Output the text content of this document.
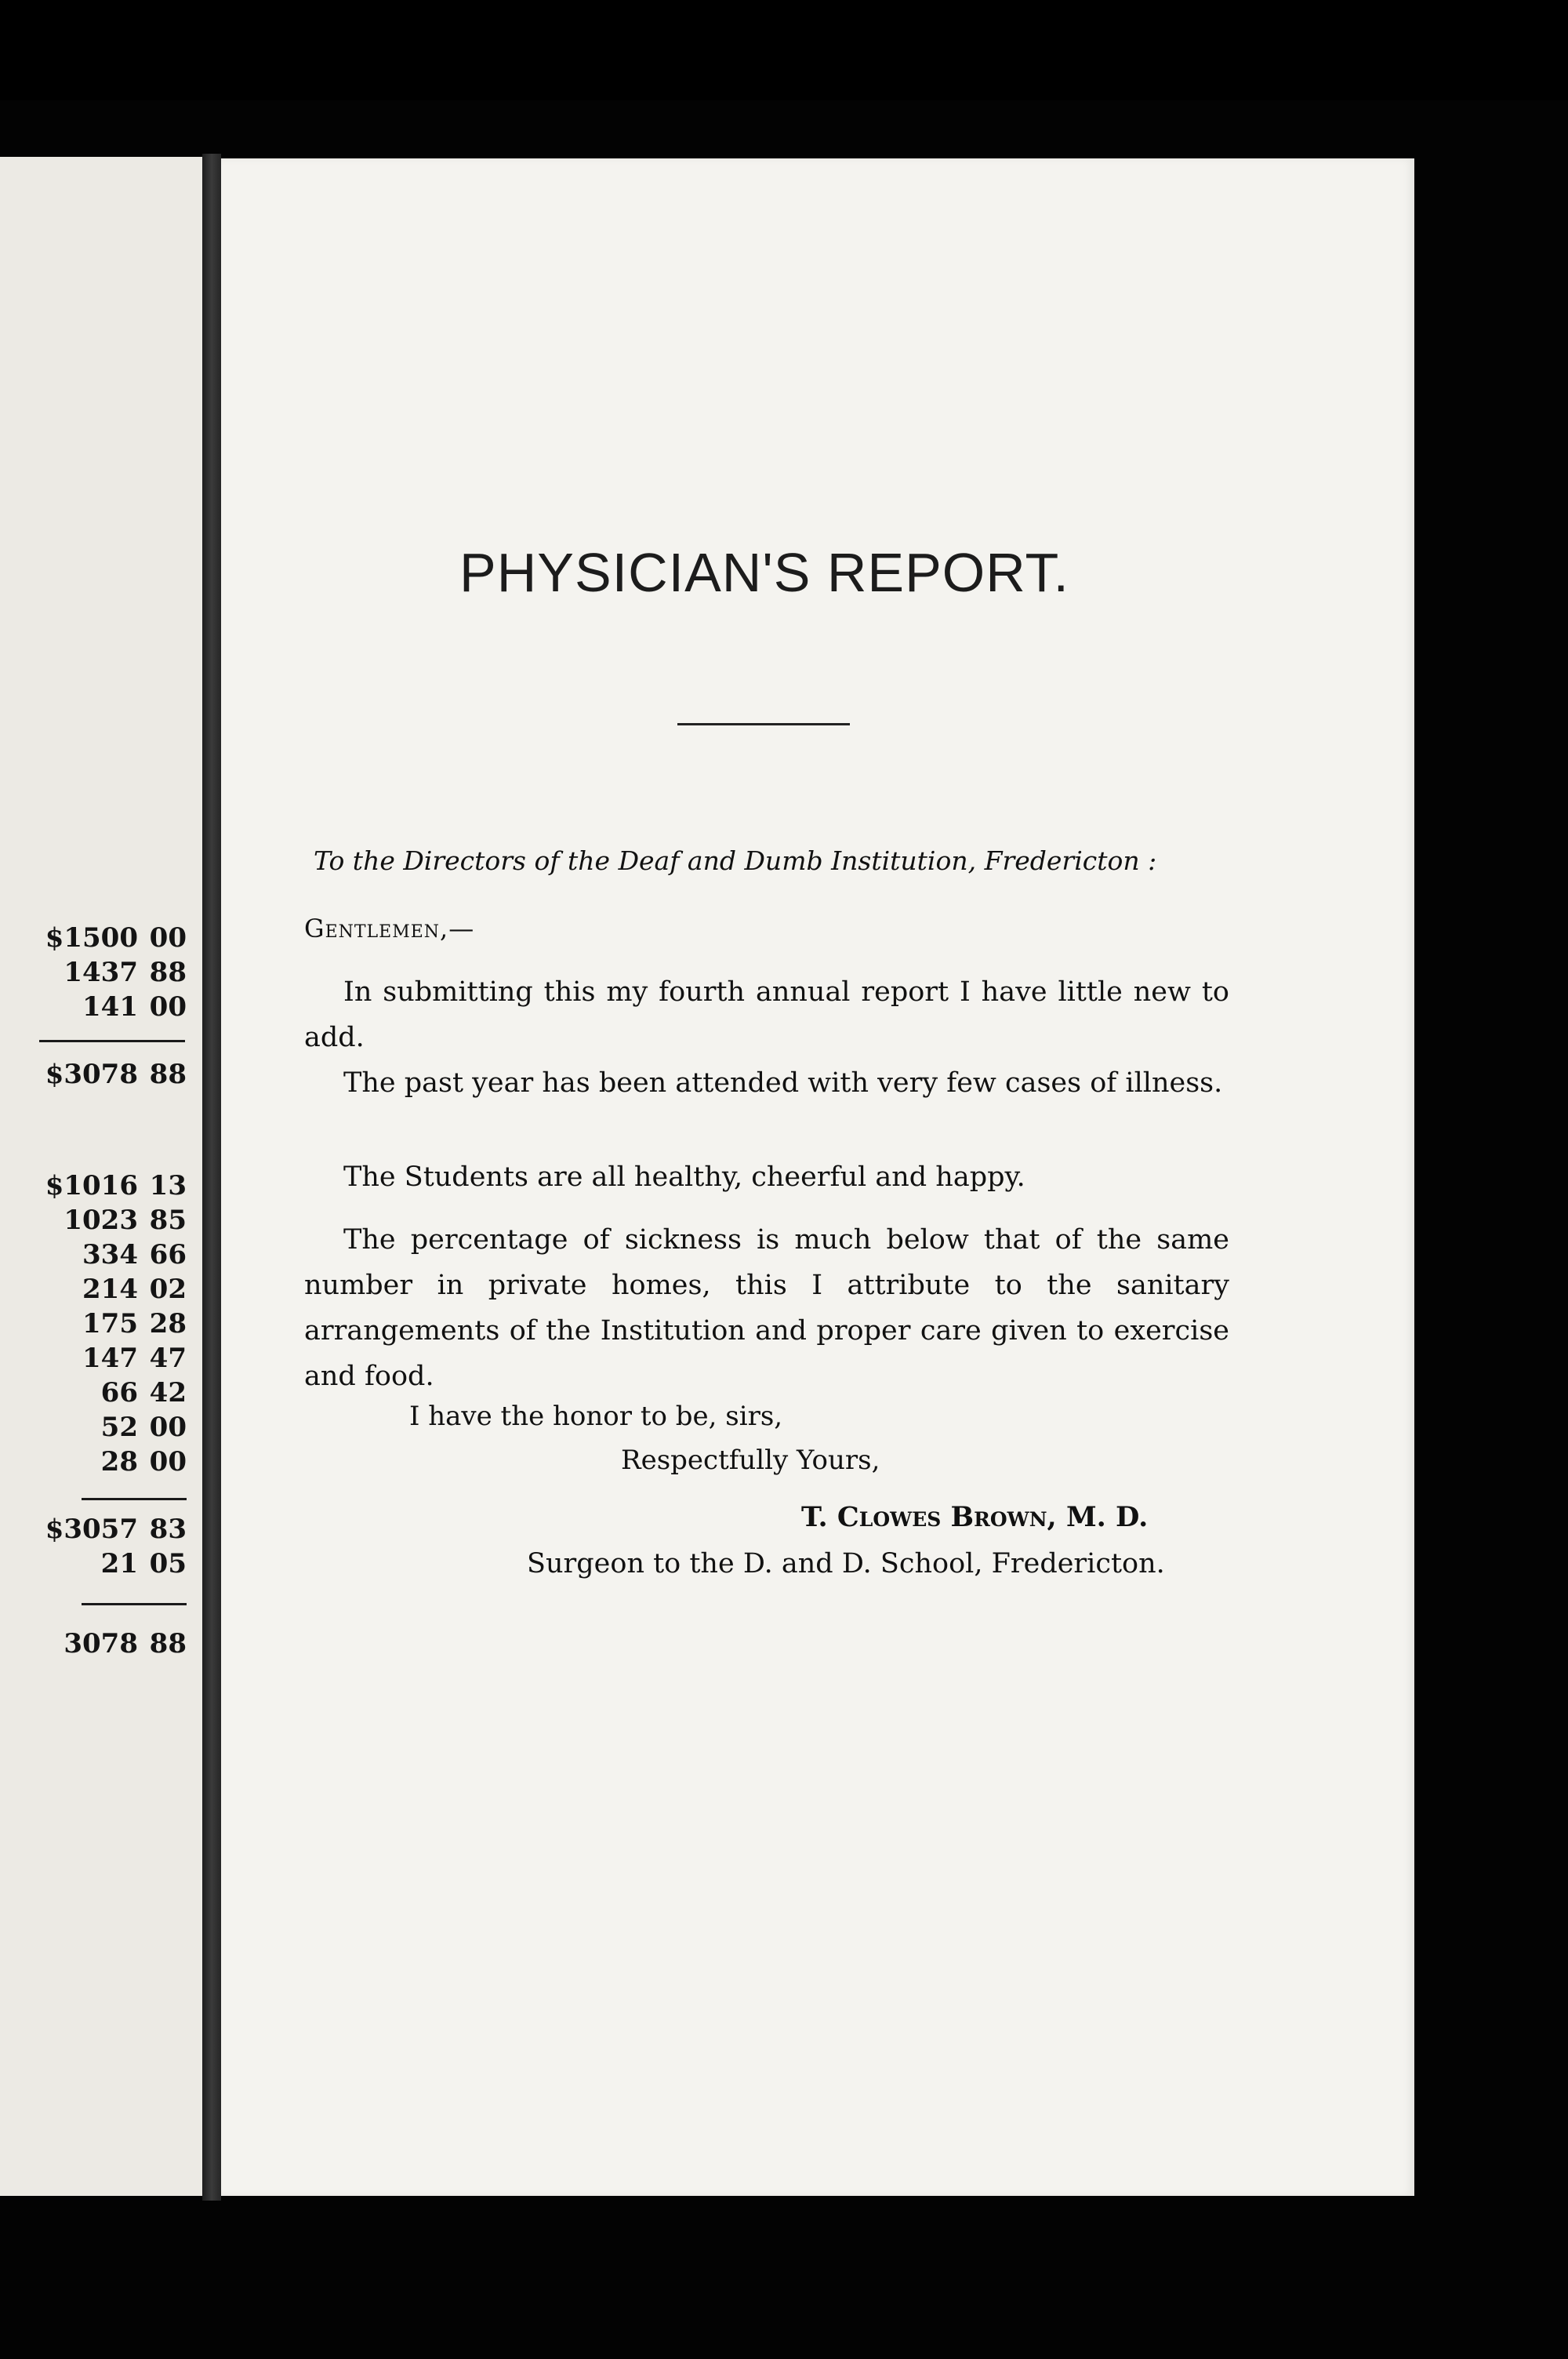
$1500 00
1437 88
141 00
$3078 88
$1016 13
1023 85
334 66
214 02
175 28
147 47
66 42
52 00
28 00
$3057 83
21 05
3078 88
PHYSICIAN'S REPORT.
To the Directors of the Deaf and Dumb Institution, Fredericton :
Gentlemen,—

In submitting this my fourth annual report I have little new to add.

The past year has been attended with very few cases of illness.

The Students are all healthy, cheerful and happy.

The percentage of sickness is much below that of the same number in private homes, this I attribute to the sanitary arrangements of the Institution and proper care given to exercise and food.

I have the honor to be, sirs,
Respectfully Yours,
T. Clowes Brown, M. D.
Surgeon to the D. and D. School, Fredericton.
